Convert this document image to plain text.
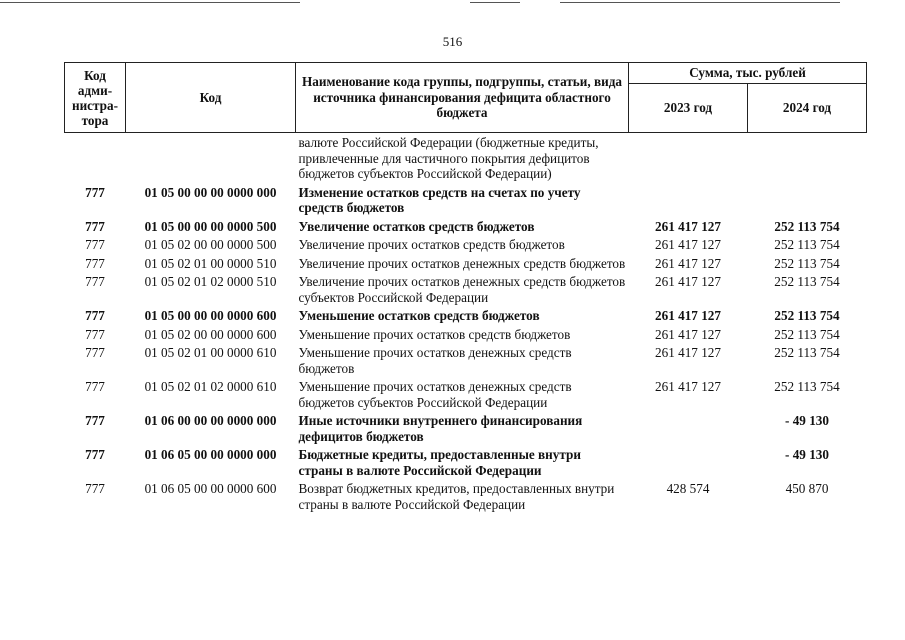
516
Код адми-нистра-тора	Код	Наименование кода группы, подгруппы, статьи, вида источника финансирования дефицита областного бюджета	Сумма, тыс. рублей	
			2023 год	2024 год
		валюте Российской Федерации (бюджетные кредиты, привлеченные для частичного покрытия дефицитов бюджетов субъектов Российской Федерации)		
777	01 05 00 00 00 0000 000	Изменение остатков средств на счетах по учету средств бюджетов		
777	01 05 00 00 00 0000 500	Увеличение остатков средств бюджетов	261 417 127	252 113 754
777	01 05 02 00 00 0000 500	Увеличение прочих остатков средств бюджетов	261 417 127	252 113 754
777	01 05 02 01 00 0000 510	Увеличение прочих остатков денежных средств бюджетов	261 417 127	252 113 754
777	01 05 02 01 02 0000 510	Увеличение прочих остатков денежных средств бюджетов субъектов Российской Федерации	261 417 127	252 113 754
777	01 05 00 00 00 0000 600	Уменьшение остатков средств бюджетов	261 417 127	252 113 754
777	01 05 02 00 00 0000 600	Уменьшение прочих остатков средств бюджетов	261 417 127	252 113 754
777	01 05 02 01 00 0000 610	Уменьшение прочих остатков денежных средств бюджетов	261 417 127	252 113 754
777	01 05 02 01 02 0000 610	Уменьшение прочих остатков денежных средств бюджетов субъектов Российской Федерации	261 417 127	252 113 754
777	01 06 00 00 00 0000 000	Иные источники внутреннего финансирования дефицитов бюджетов		- 49 130
777	01 06 05 00 00 0000 000	Бюджетные кредиты, предоставленные внутри страны в валюте Российской Федерации		- 49 130
777	01 06 05 00 00 0000 600	Возврат бюджетных кредитов, предоставленных внутри страны в валюте Российской Федерации	428 574	450 870
